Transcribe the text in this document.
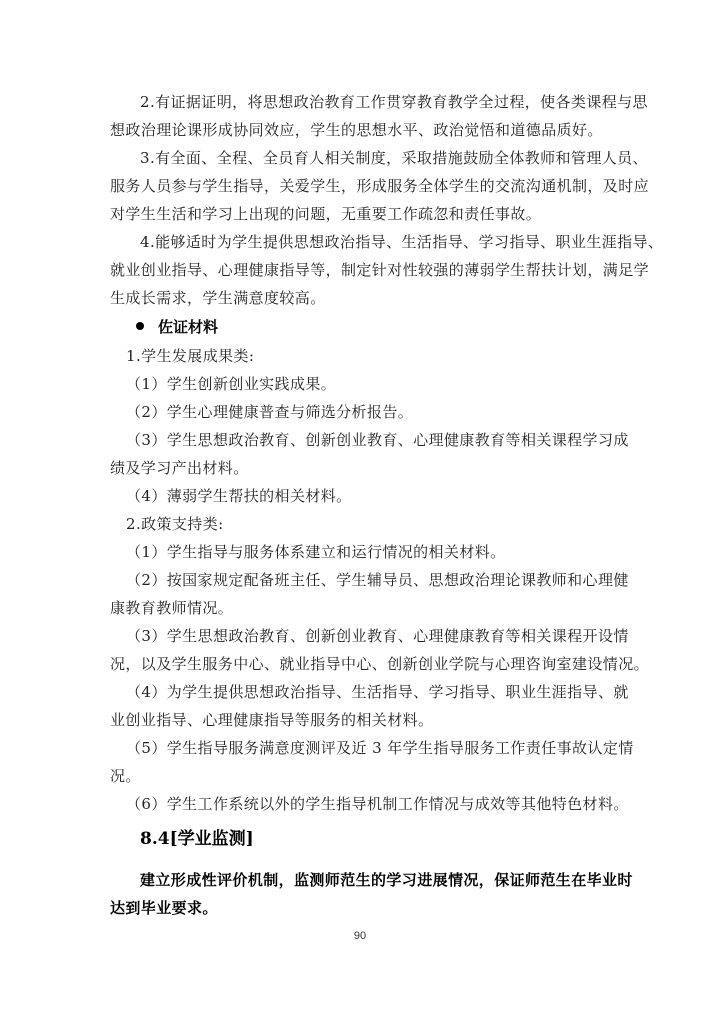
2.有证据证明，将思想政治教育工作贯穿教育教学全过程，使各类课程与思
想政治理论课形成协同效应，学生的思想水平、政治觉悟和道德品质好。
3.有全面、全程、全员育人相关制度，采取措施鼓励全体教师和管理人员、
服务人员参与学生指导，关爱学生，形成服务全体学生的交流沟通机制，及时应
对学生生活和学习上出现的问题，无重要工作疏忽和责任事故。
4.能够适时为学生提供思想政治指导、生活指导、学习指导、职业生涯指导、
就业创业指导、心理健康指导等，制定针对性较强的薄弱学生帮扶计划，满足学
生成长需求，学生满意度较高。
佐证材料
1.学生发展成果类:
（1）学生创新创业实践成果。
（2）学生心理健康普查与筛选分析报告。
（3）学生思想政治教育、创新创业教育、心理健康教育等相关课程学习成
绩及学习产出材料。
（4）薄弱学生帮扶的相关材料。
2.政策支持类:
（1）学生指导与服务体系建立和运行情况的相关材料。
（2）按国家规定配备班主任、学生辅导员、思想政治理论课教师和心理健
康教育教师情况。
（3）学生思想政治教育、创新创业教育、心理健康教育等相关课程开设情
况，以及学生服务中心、就业指导中心、创新创业学院与心理咨询室建设情况。
（4）为学生提供思想政治指导、生活指导、学习指导、职业生涯指导、就
业创业指导、心理健康指导等服务的相关材料。
（5）学生指导服务满意度测评及近 3 年学生指导服务工作责任事故认定情
况。
（6）学生工作系统以外的学生指导机制工作情况与成效等其他特色材料。
8.4[学业监测]
建立形成性评价机制，监测师范生的学习进展情况，保证师范生在毕业时
达到毕业要求。
90
